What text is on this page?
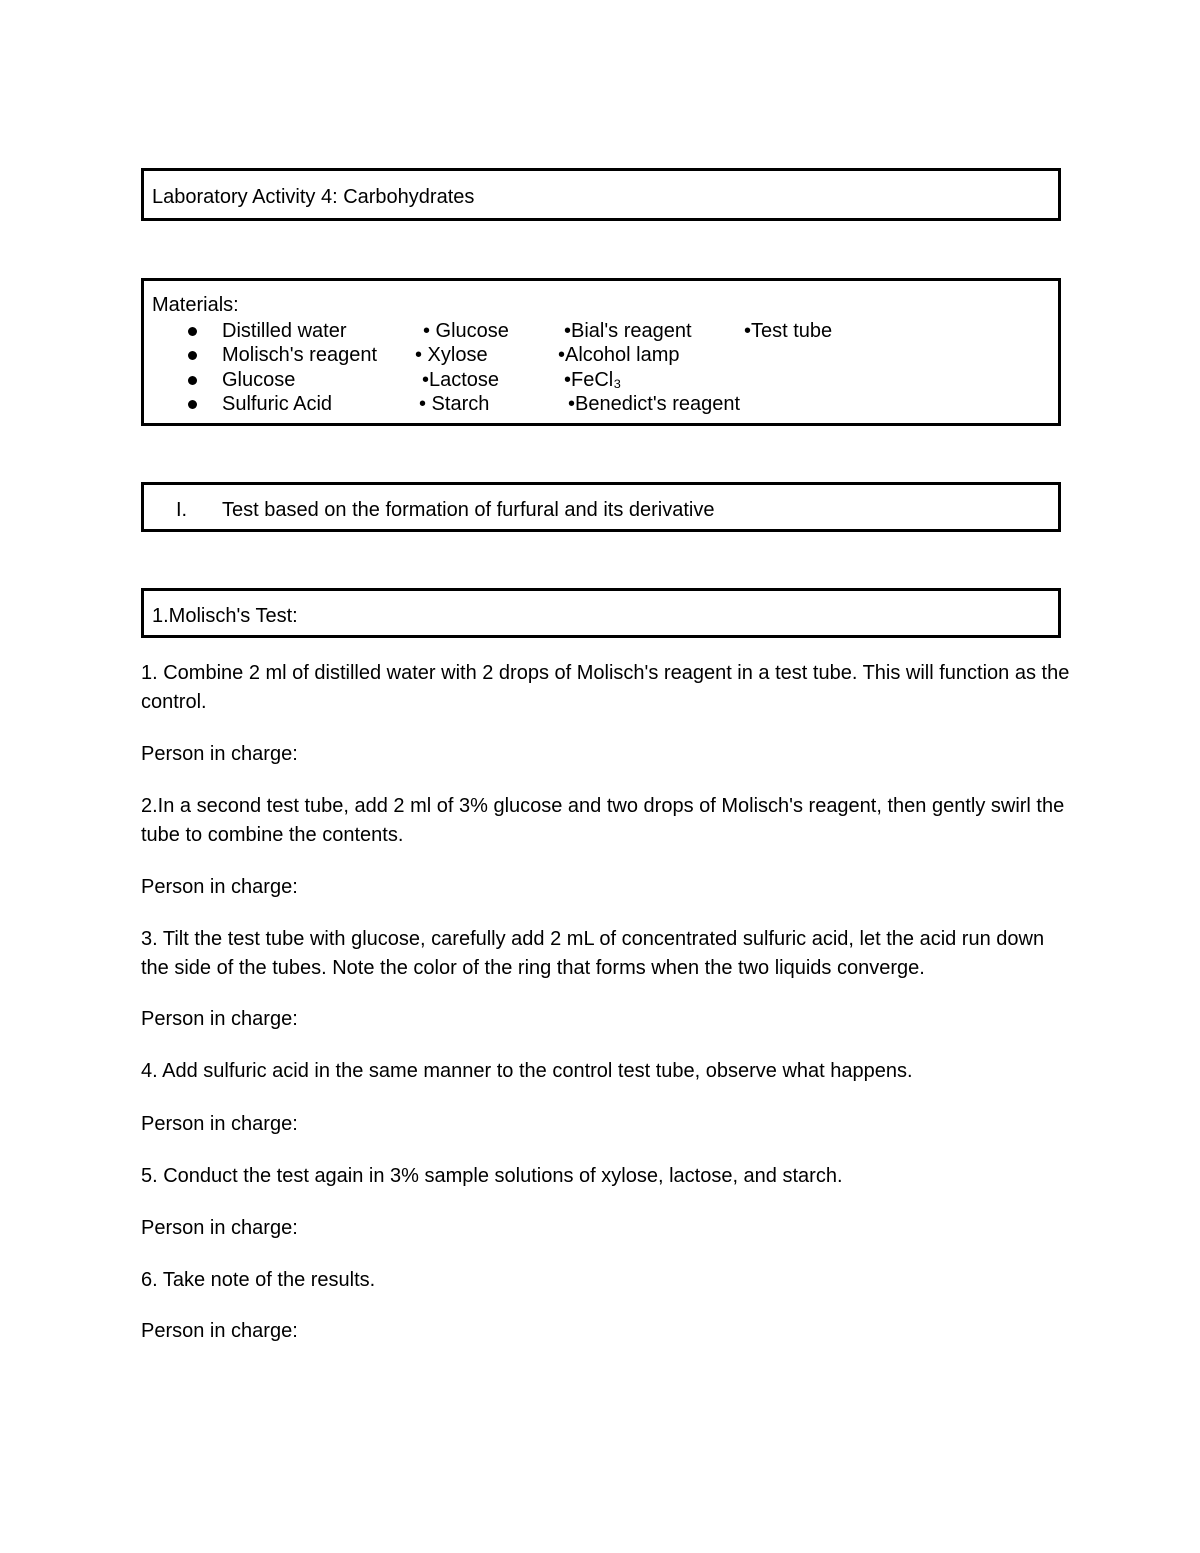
Laboratory Activity 4: Carbohydrates
Materials:
Distilled water	• Glucose	•Bial's reagent	•Test tube
Molisch's reagent • Xylose	•Alcohol lamp
Glucose	•Lactose	•FeCl₃
Sulfuric Acid	• Starch	•Benedict's reagent
I. Test based on the formation of furfural and its derivative
1.Molisch's Test:

1. Combine 2 ml of distilled water with 2 drops of Molisch's reagent in a test tube. This will function as the control.

Person in charge:

2.In a second test tube, add 2 ml of 3% glucose and two drops of Molisch's reagent, then gently swirl the tube to combine the contents.

Person in charge:

3. Tilt the test tube with glucose, carefully add 2 mL of concentrated sulfuric acid, let the acid run down the side of the tubes. Note the color of the ring that forms when the two liquids converge.

Person in charge:

4. Add sulfuric acid in the same manner to the control test tube, observe what happens.

Person in charge:

5. Conduct the test again in 3% sample solutions of xylose, lactose, and starch.

Person in charge:

6. Take note of the results.

Person in charge:
